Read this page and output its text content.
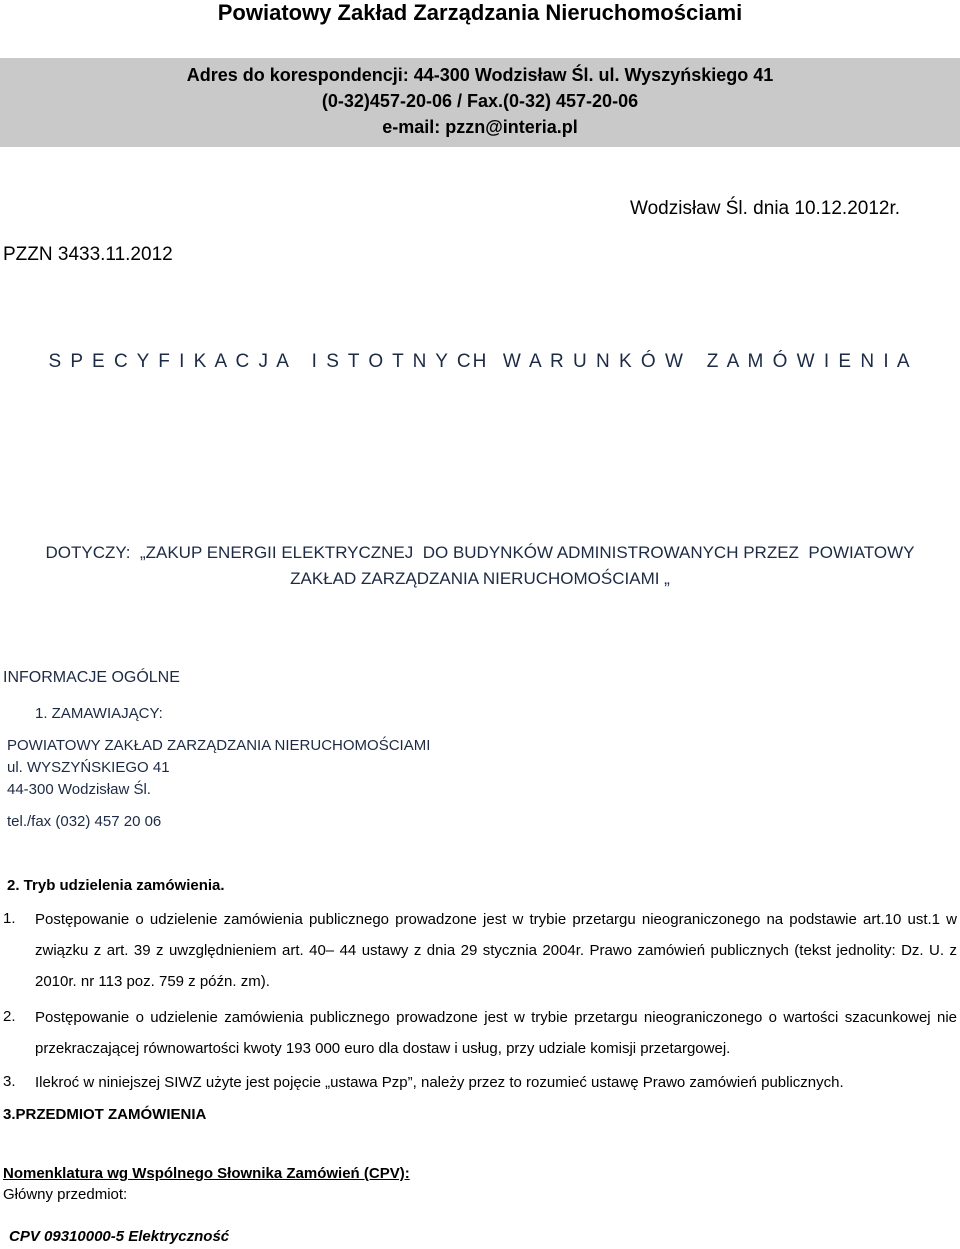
Powiatowy Zakład Zarządzania Nieruchomościami
Adres do korespondencji: 44-300 Wodzisław Śl. ul. Wyszyńskiego 41
(0-32)457-20-06 / Fax.(0-32) 457-20-06
e-mail: pzzn@interia.pl
Wodzisław Śl. dnia 10.12.2012r.
PZZN 3433.11.2012
S P E C Y F I K A C J A   I S T O T N Y CH  W A R U N K Ó W   Z A M Ó W I E N I A
DOTYCZY:  „ZAKUP ENERGII ELEKTRYCZNEJ  DO BUDYNKÓW ADMINISTROWANYCH PRZEZ  POWIATOWY
ZAKŁAD ZARZĄDZANIA NIERUCHOMOŚCIAMI „
INFORMACJE OGÓLNE
1. ZAMAWIAJĄCY:
POWIATOWY ZAKŁAD ZARZĄDZANIA NIERUCHOMOŚCIAMI
ul. WYSZYŃSKIEGO 41
44-300 Wodzisław Śl.
tel./fax (032) 457 20 06
2. Tryb udzielenia zamówienia.
1. Postępowanie o udzielenie zamówienia publicznego prowadzone jest w trybie przetargu nieograniczonego na podstawie art.10 ust.1 w związku z art. 39 z uwzględnieniem art. 40– 44 ustawy z dnia 29 stycznia 2004r. Prawo zamówień publicznych (tekst jednolity: Dz. U. z 2010r. nr 113 poz. 759 z późn. zm).
2. Postępowanie o udzielenie zamówienia publicznego prowadzone jest w trybie przetargu nieograniczonego o wartości szacunkowej nie przekraczającej równowartości kwoty 193 000 euro dla dostaw i usług, przy udziale komisji przetargowej.
3. Ilekroć w niniejszej SIWZ użyte jest pojęcie „ustawa Pzp”, należy przez to rozumieć ustawę Prawo zamówień publicznych.
3.PRZEDMIOT ZAMÓWIENIA
Nomenklatura wg Wspólnego Słownika Zamówień (CPV):
Główny przedmiot:
CPV 09310000-5 Elektryczność
